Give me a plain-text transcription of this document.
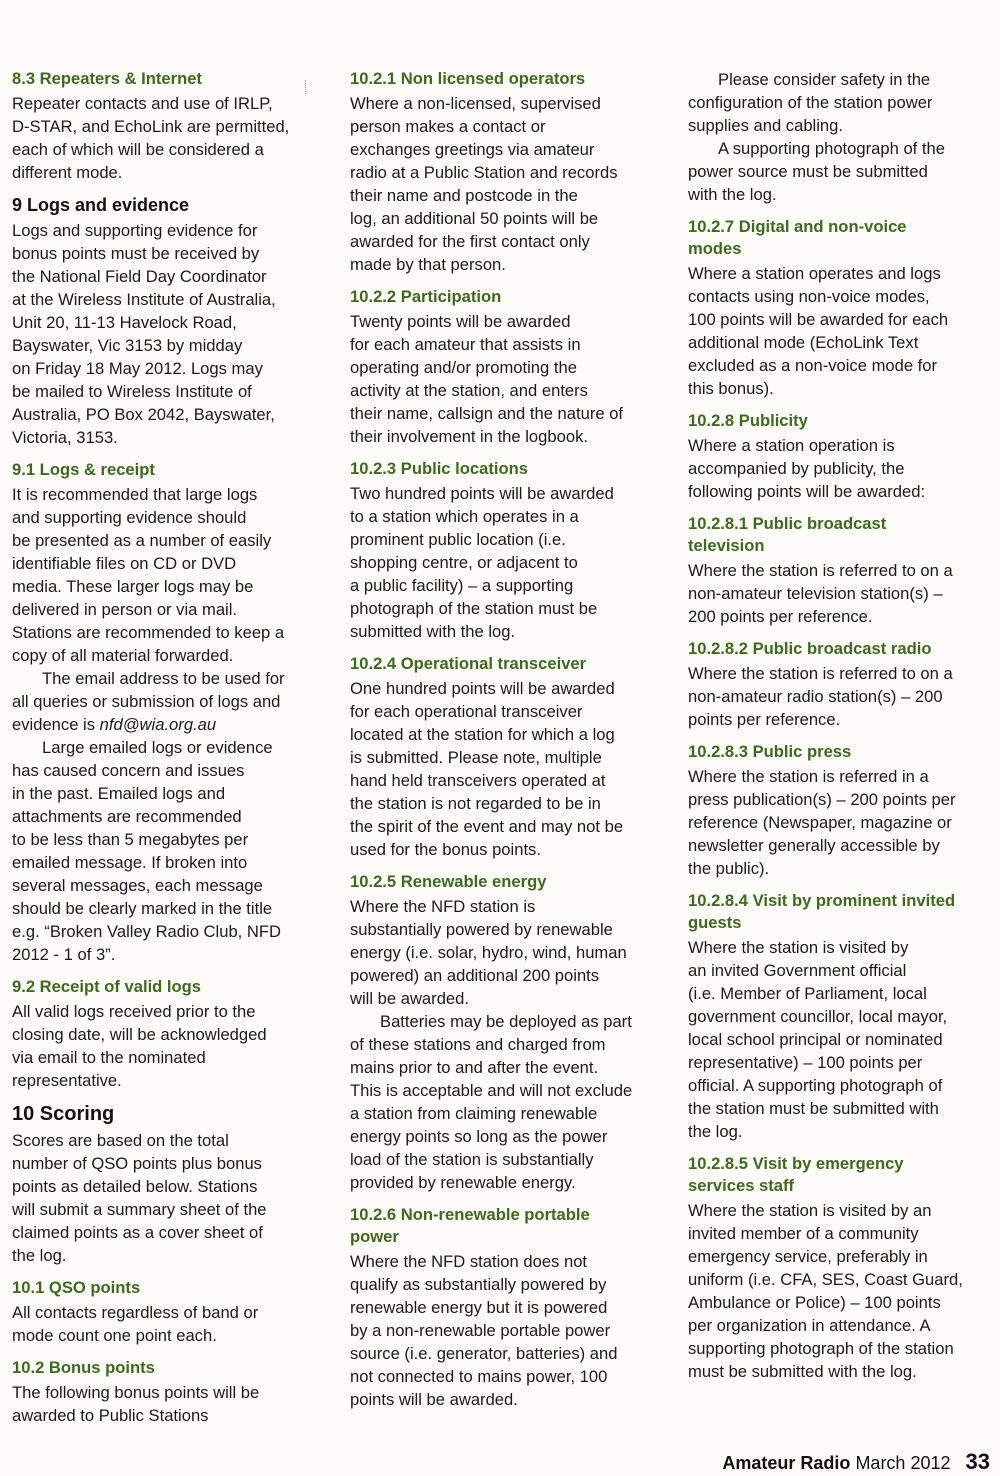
8.3 Repeaters & Internet

Repeater contacts and use of IRLP,
D-STAR, and EchoLink are permitted,
each of which will be considered a
different mode.

9 Logs and evidence

Logs and supporting evidence for
bonus points must be received by
the National Field Day Coordinator
at the Wireless Institute of Australia,
Unit 20, 11-13 Havelock Road,
Bayswater, Vic 3153 by midday
on Friday 18 May 2012. Logs may
be mailed to Wireless Institute of
Australia, PO Box 2042, Bayswater,
Victoria, 3153.

9.1 Logs & receipt

It is recommended that large logs
and supporting evidence should
be presented as a number of easily
identifiable files on CD or DVD
media. These larger logs may be
delivered in person or via mail.
Stations are recommended to keep a
copy of all material forwarded.

The email address to be used for
all queries or submission of logs and
evidence is nfd@wia.org.au

Large emailed logs or evidence
has caused concern and issues
in the past. Emailed logs and
attachments are recommended
to be less than 5 megabytes per
emailed message. If broken into
several messages, each message
should be clearly marked in the title
e.g. “Broken Valley Radio Club, NFD
2012 - 1 of 3”.

9.2 Receipt of valid logs

All valid logs received prior to the
closing date, will be acknowledged
via email to the nominated
representative.

10 Scoring

Scores are based on the total
number of QSO points plus bonus
points as detailed below. Stations
will submit a summary sheet of the
claimed points as a cover sheet of
the log.

10.1 QSO points

All contacts regardless of band or
mode count one point each.

10.2 Bonus points

The following bonus points will be
awarded to Public Stations

10.2.1 Non licensed operators

Where a non-licensed, supervised
person makes a contact or
exchanges greetings via amateur
radio at a Public Station and records
their name and postcode in the
log, an additional 50 points will be
awarded for the first contact only
made by that person.

10.2.2 Participation

Twenty points will be awarded
for each amateur that assists in
operating and/or promoting the
activity at the station, and enters
their name, callsign and the nature of
their involvement in the logbook.

10.2.3 Public locations

Two hundred points will be awarded
to a station which operates in a
prominent public location (i.e.
shopping centre, or adjacent to
a public facility) – a supporting
photograph of the station must be
submitted with the log.

10.2.4 Operational transceiver

One hundred points will be awarded
for each operational transceiver
located at the station for which a log
is submitted. Please note, multiple
hand held transceivers operated at
the station is not regarded to be in
the spirit of the event and may not be
used for the bonus points.

10.2.5 Renewable energy

Where the NFD station is
substantially powered by renewable
energy (i.e. solar, hydro, wind, human
powered) an additional 200 points
will be awarded.

Batteries may be deployed as part
of these stations and charged from
mains prior to and after the event.
This is acceptable and will not exclude
a station from claiming renewable
energy points so long as the power
load of the station is substantially
provided by renewable energy.

10.2.6 Non-renewable portable
power

Where the NFD station does not
qualify as substantially powered by
renewable energy but it is powered
by a non-renewable portable power
source (i.e. generator, batteries) and
not connected to mains power, 100
points will be awarded.

Please consider safety in the
configuration of the station power
supplies and cabling.

A supporting photograph of the
power source must be submitted
with the log.

10.2.7 Digital and non-voice
modes

Where a station operates and logs
contacts using non-voice modes,
100 points will be awarded for each
additional mode (EchoLink Text
excluded as a non-voice mode for
this bonus).

10.2.8 Publicity

Where a station operation is
accompanied by publicity, the
following points will be awarded:

10.2.8.1 Public broadcast
television

Where the station is referred to on a
non-amateur television station(s) –
200 points per reference.

10.2.8.2 Public broadcast radio

Where the station is referred to on a
non-amateur radio station(s) – 200
points per reference.

10.2.8.3 Public press

Where the station is referred in a
press publication(s) – 200 points per
reference (Newspaper, magazine or
newsletter generally accessible by
the public).

10.2.8.4 Visit by prominent invited
guests

Where the station is visited by
an invited Government official
(i.e. Member of Parliament, local
government councillor, local mayor,
local school principal or nominated
representative) – 100 points per
official. A supporting photograph of
the station must be submitted with
the log.

10.2.8.5 Visit by emergency
services staff

Where the station is visited by an
invited member of a community
emergency service, preferably in
uniform (i.e. CFA, SES, Coast Guard,
Ambulance or Police) – 100 points
per organization in attendance. A
supporting photograph of the station
must be submitted with the log.

Amateur Radio March 2012 33
